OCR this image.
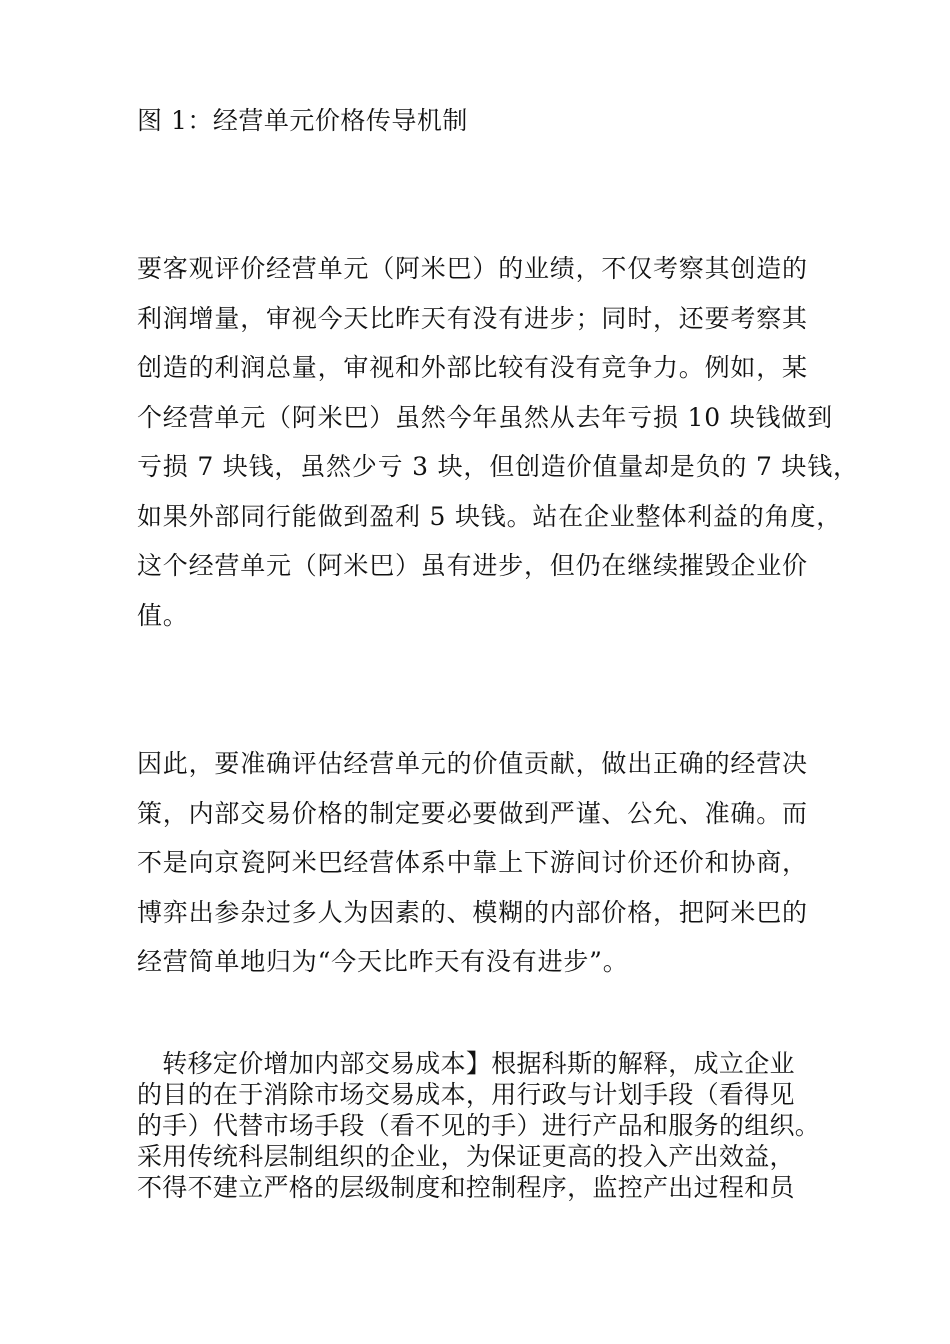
图 1：经营单元价格传导机制
要客观评价经营单元（阿米巴）的业绩，不仅考察其创造的
利润增量，审视今天比昨天有没有进步；同时，还要考察其
创造的利润总量，审视和外部比较有没有竞争力。例如，某
个经营单元（阿米巴）虽然今年虽然从去年亏损 10 块钱做到
亏损 7 块钱，虽然少亏 3 块，但创造价值量却是负的 7 块钱，
如果外部同行能做到盈利 5 块钱。站在企业整体利益的角度，
这个经营单元（阿米巴）虽有进步，但仍在继续摧毁企业价
值。
因此，要准确评估经营单元的价值贡献，做出正确的经营决
策，内部交易价格的制定要必要做到严谨、公允、准确。而
不是向京瓷阿米巴经营体系中靠上下游间讨价还价和协商，
博弈出参杂过多人为因素的、模糊的内部价格，把阿米巴的
经营简单地归为“今天比昨天有没有进步”。
　转移定价增加内部交易成本】根据科斯的解释，成立企业
的目的在于消除市场交易成本，用行政与计划手段（看得见
的手）代替市场手段（看不见的手）进行产品和服务的组织。
采用传统科层制组织的企业，为保证更高的投入产出效益，
不得不建立严格的层级制度和控制程序，监控产出过程和员
